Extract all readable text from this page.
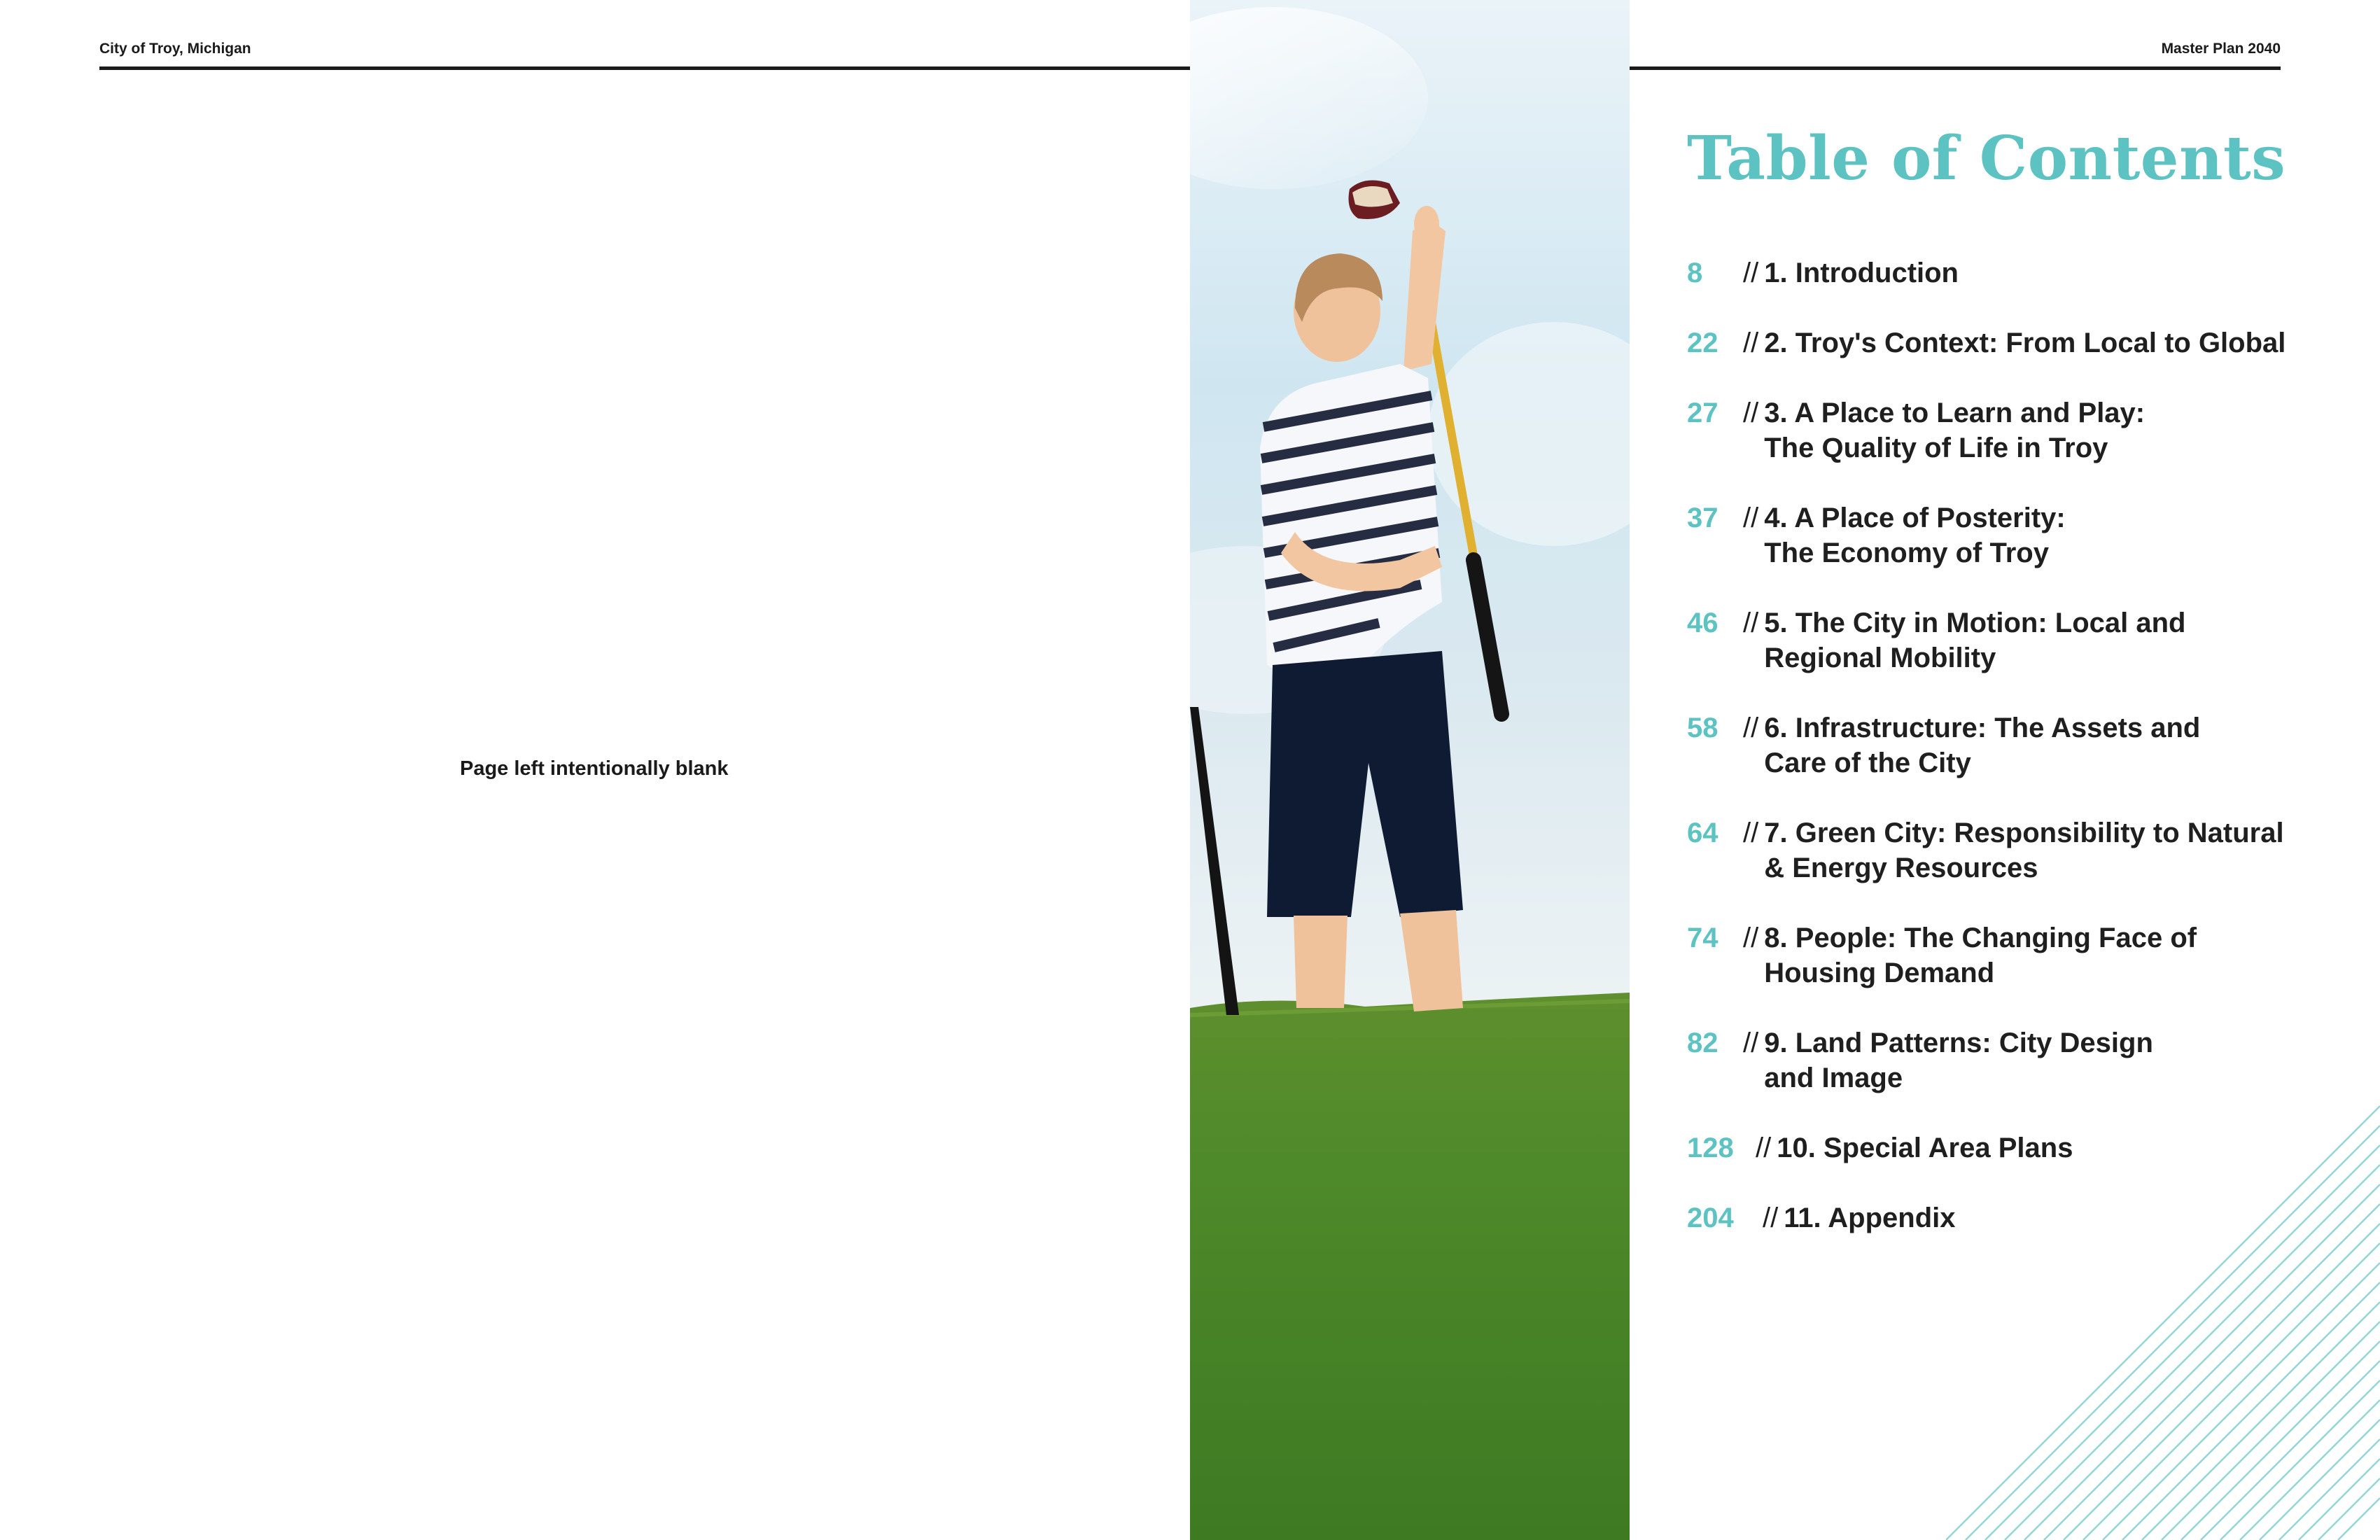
City of Troy, Michigan	Master Plan 2040
Page left intentionally blank
Table of Contents
8	// 1. Introduction
22 // 2. Troy's Context: From Local to Global
27 // 3. A Place to Learn and Play:
The Quality of Life in Troy
37 // 4. A Place of Posterity:
The Economy of Troy
46 // 5. The City in Motion: Local and
Regional Mobility
58 // 6. Infrastructure: The Assets and
Care of the City
64 // 7. Green City: Responsibility to Natural
& Energy Resources
74 // 8. People: The Changing Face of
Housing Demand
82 // 9. Land Patterns: City Design
and Image
128 // 10. Special Area Plans
204	// 11. Appendix
